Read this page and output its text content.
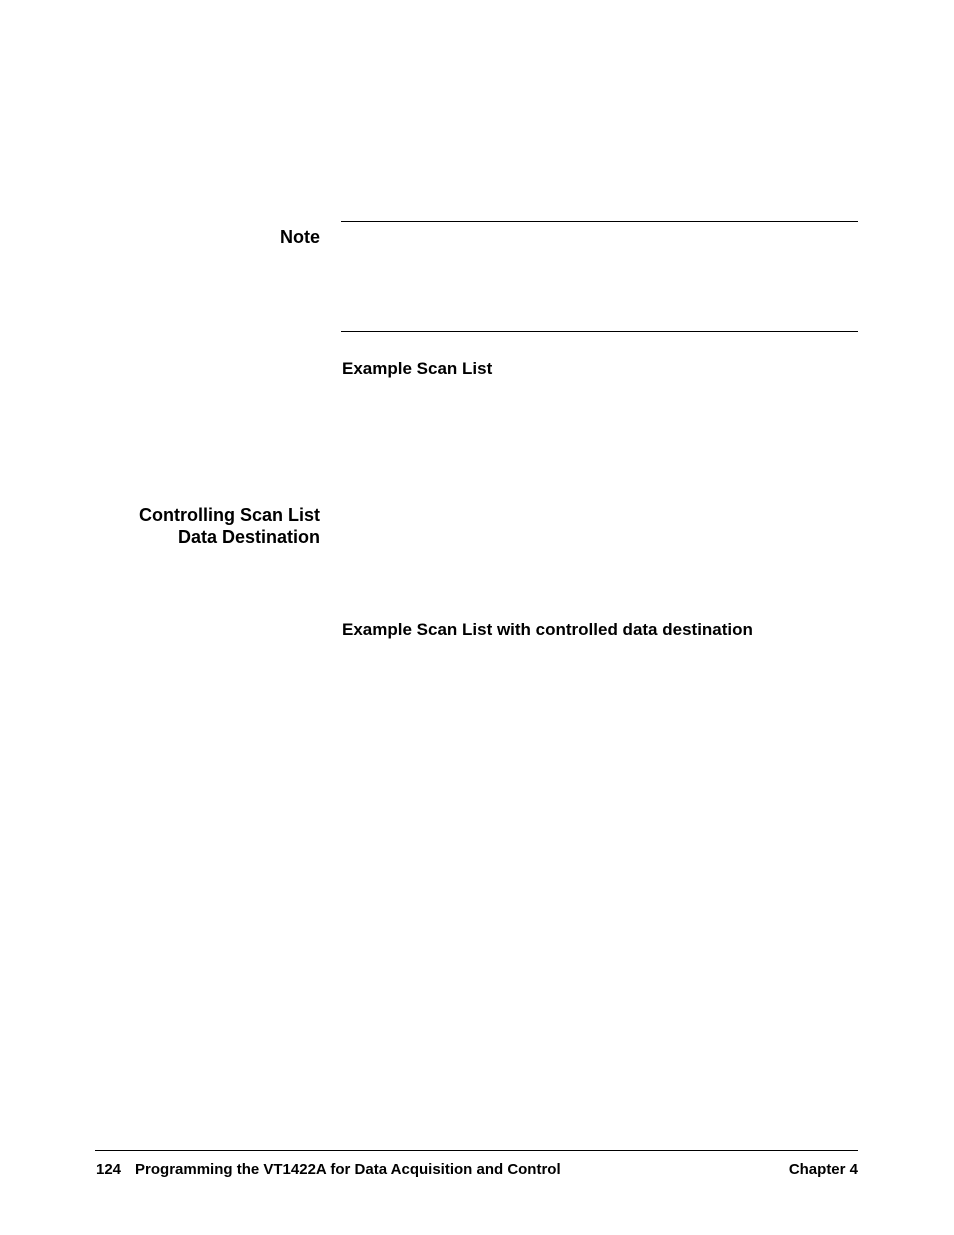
Note
Example Scan List
Controlling Scan List
Data Destination
Example Scan List with controlled data destination
124 Programming the VT1422A for Data Acquisition and Control	Chapter 4
